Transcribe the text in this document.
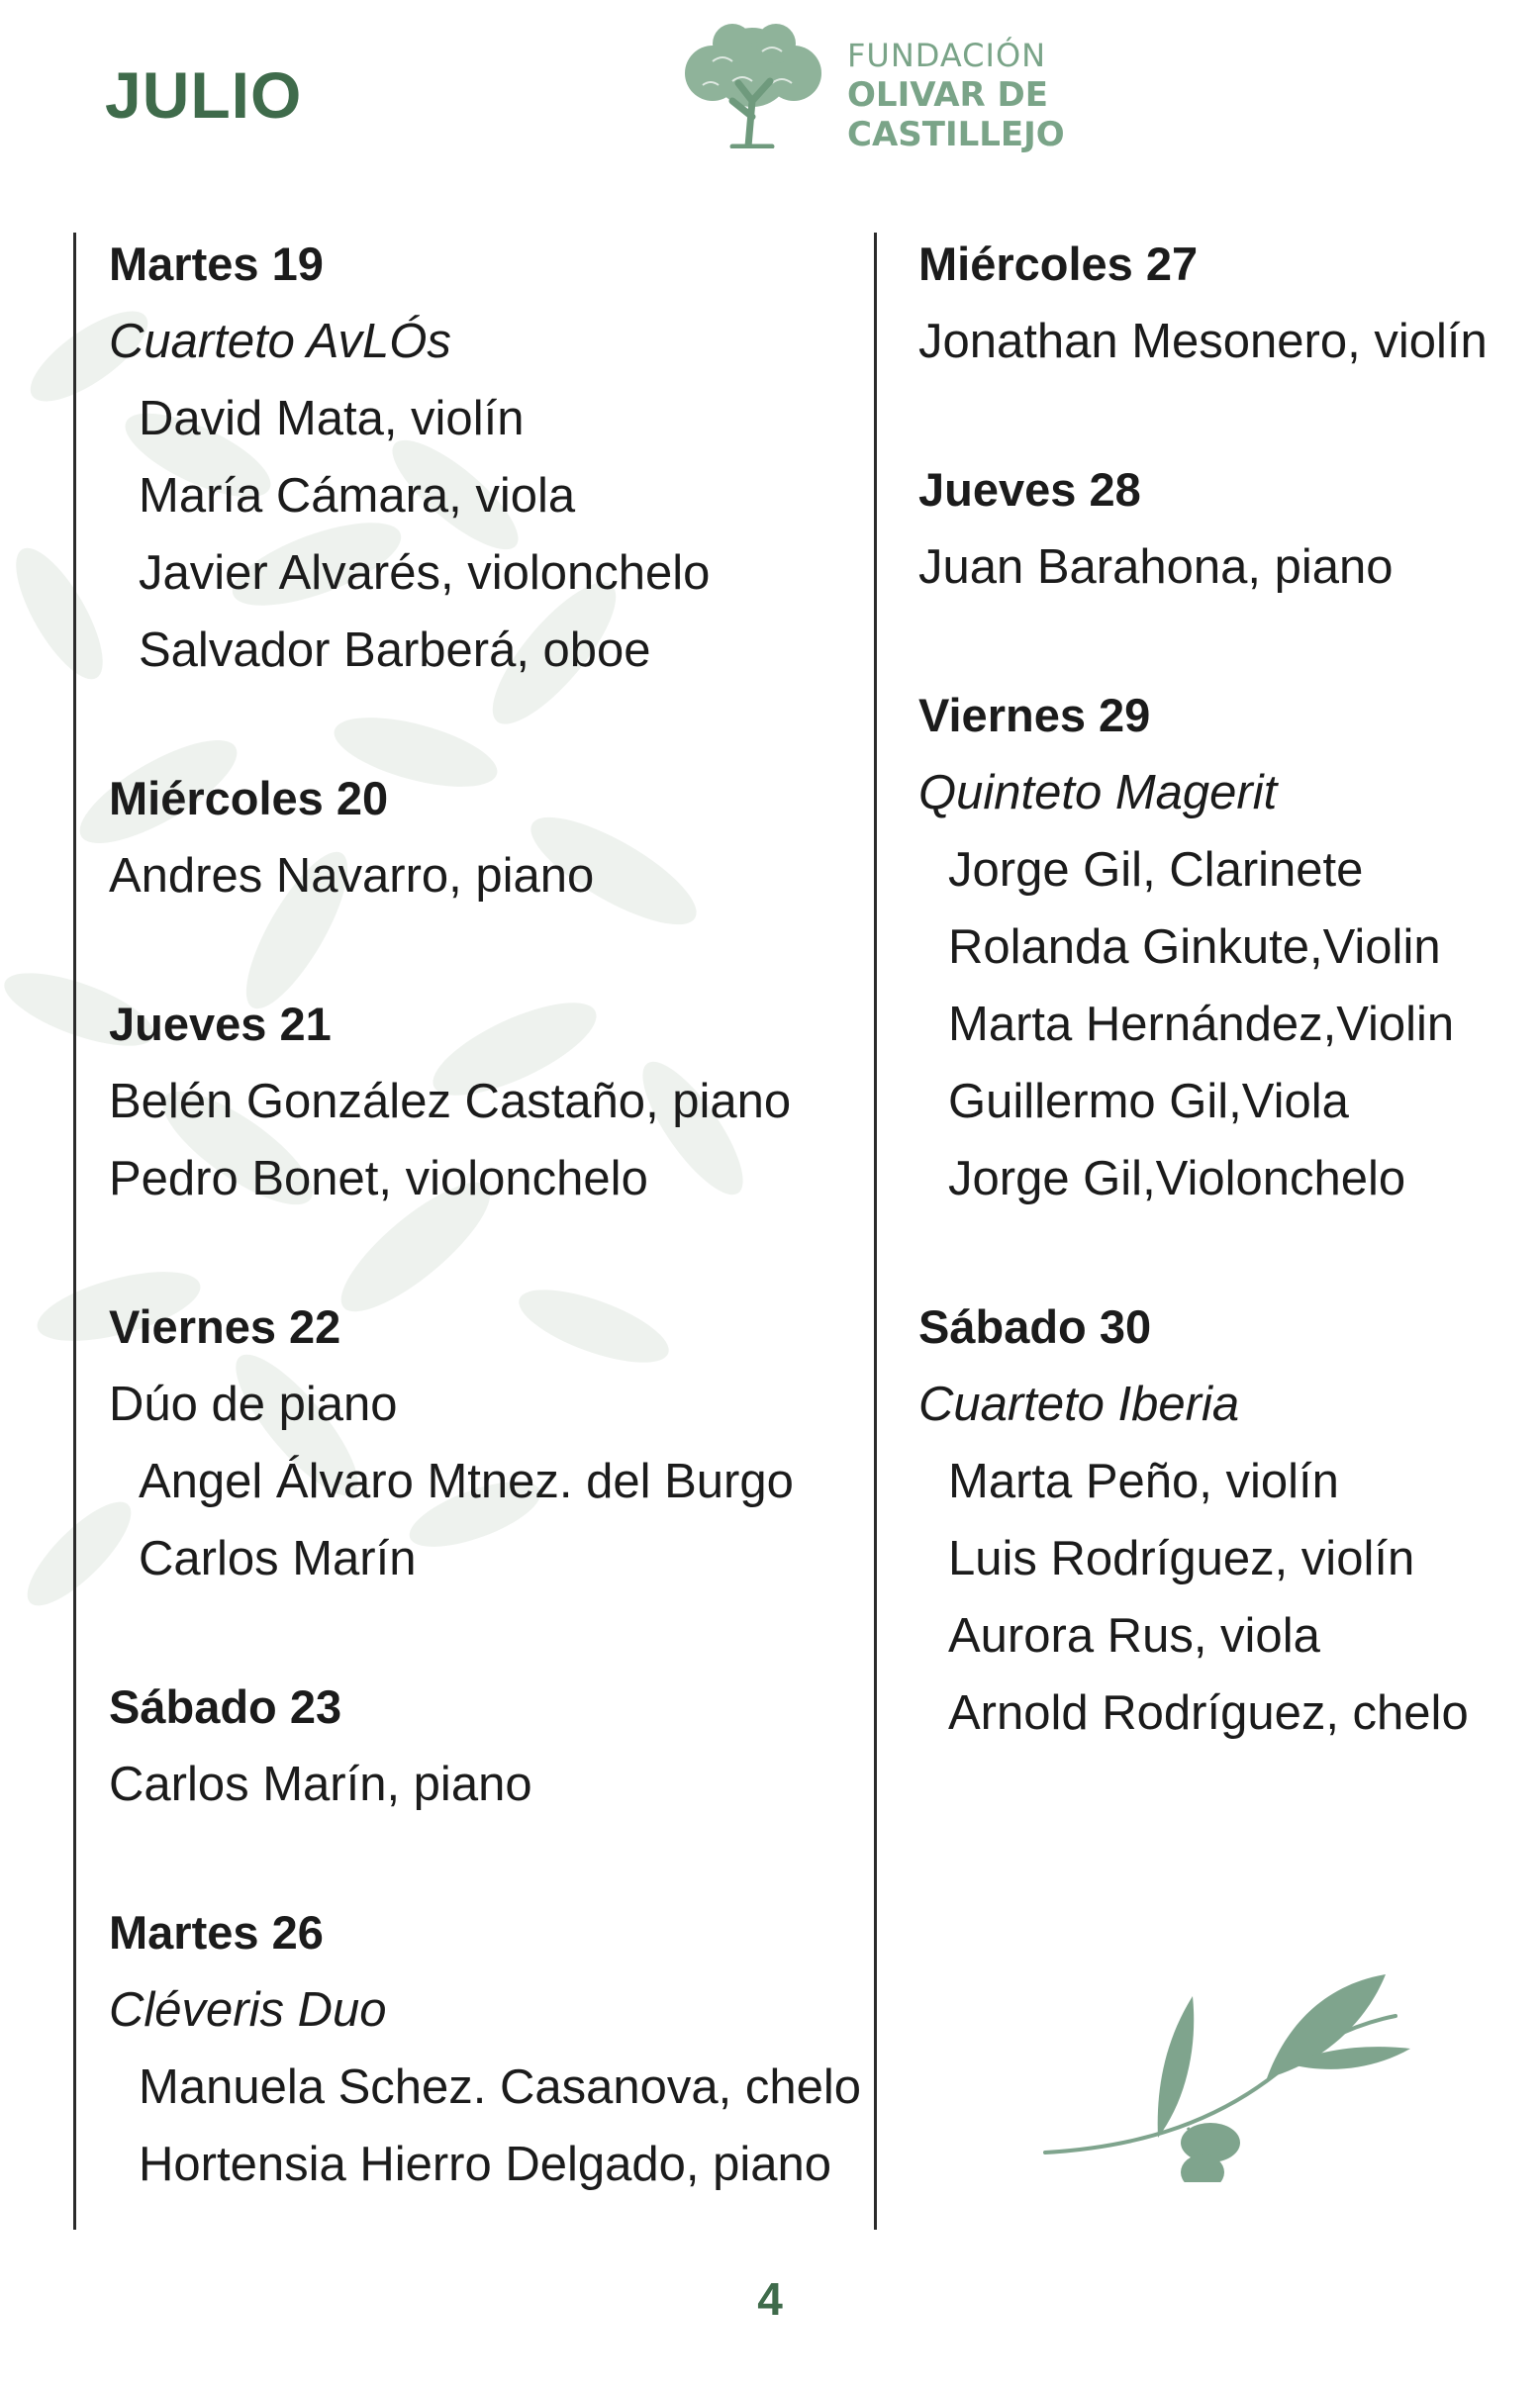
JULIO
FUNDACIÓN
OLIVAR DE
CASTILLEJO
Martes 19
Cuarteto AvLÓs
David Mata, violín
María Cámara, viola
Javier Alvarés, violonchelo
Salvador Barberá, oboe
Miércoles 20
Andres Navarro, piano
Jueves 21
Belén González Castaño, piano
Pedro Bonet, violonchelo
Viernes 22
Dúo de piano
Angel Álvaro Mtnez. del Burgo
Carlos Marín
Sábado 23
Carlos Marín, piano
Martes 26
Cléveris Duo
Manuela Schez. Casanova, chelo
Hortensia Hierro Delgado, piano
Miércoles 27
Jonathan Mesonero, violín
Jueves 28
Juan Barahona, piano
Viernes 29
Quinteto Magerit
Jorge Gil, Clarinete
Rolanda Ginkute,Violin
Marta Hernández,Violin
Guillermo Gil,Viola
Jorge Gil,Violonchelo
Sábado 30
Cuarteto Iberia
Marta Peño, violín
Luis Rodríguez, violín
Aurora Rus, viola
Arnold Rodríguez, chelo
4
